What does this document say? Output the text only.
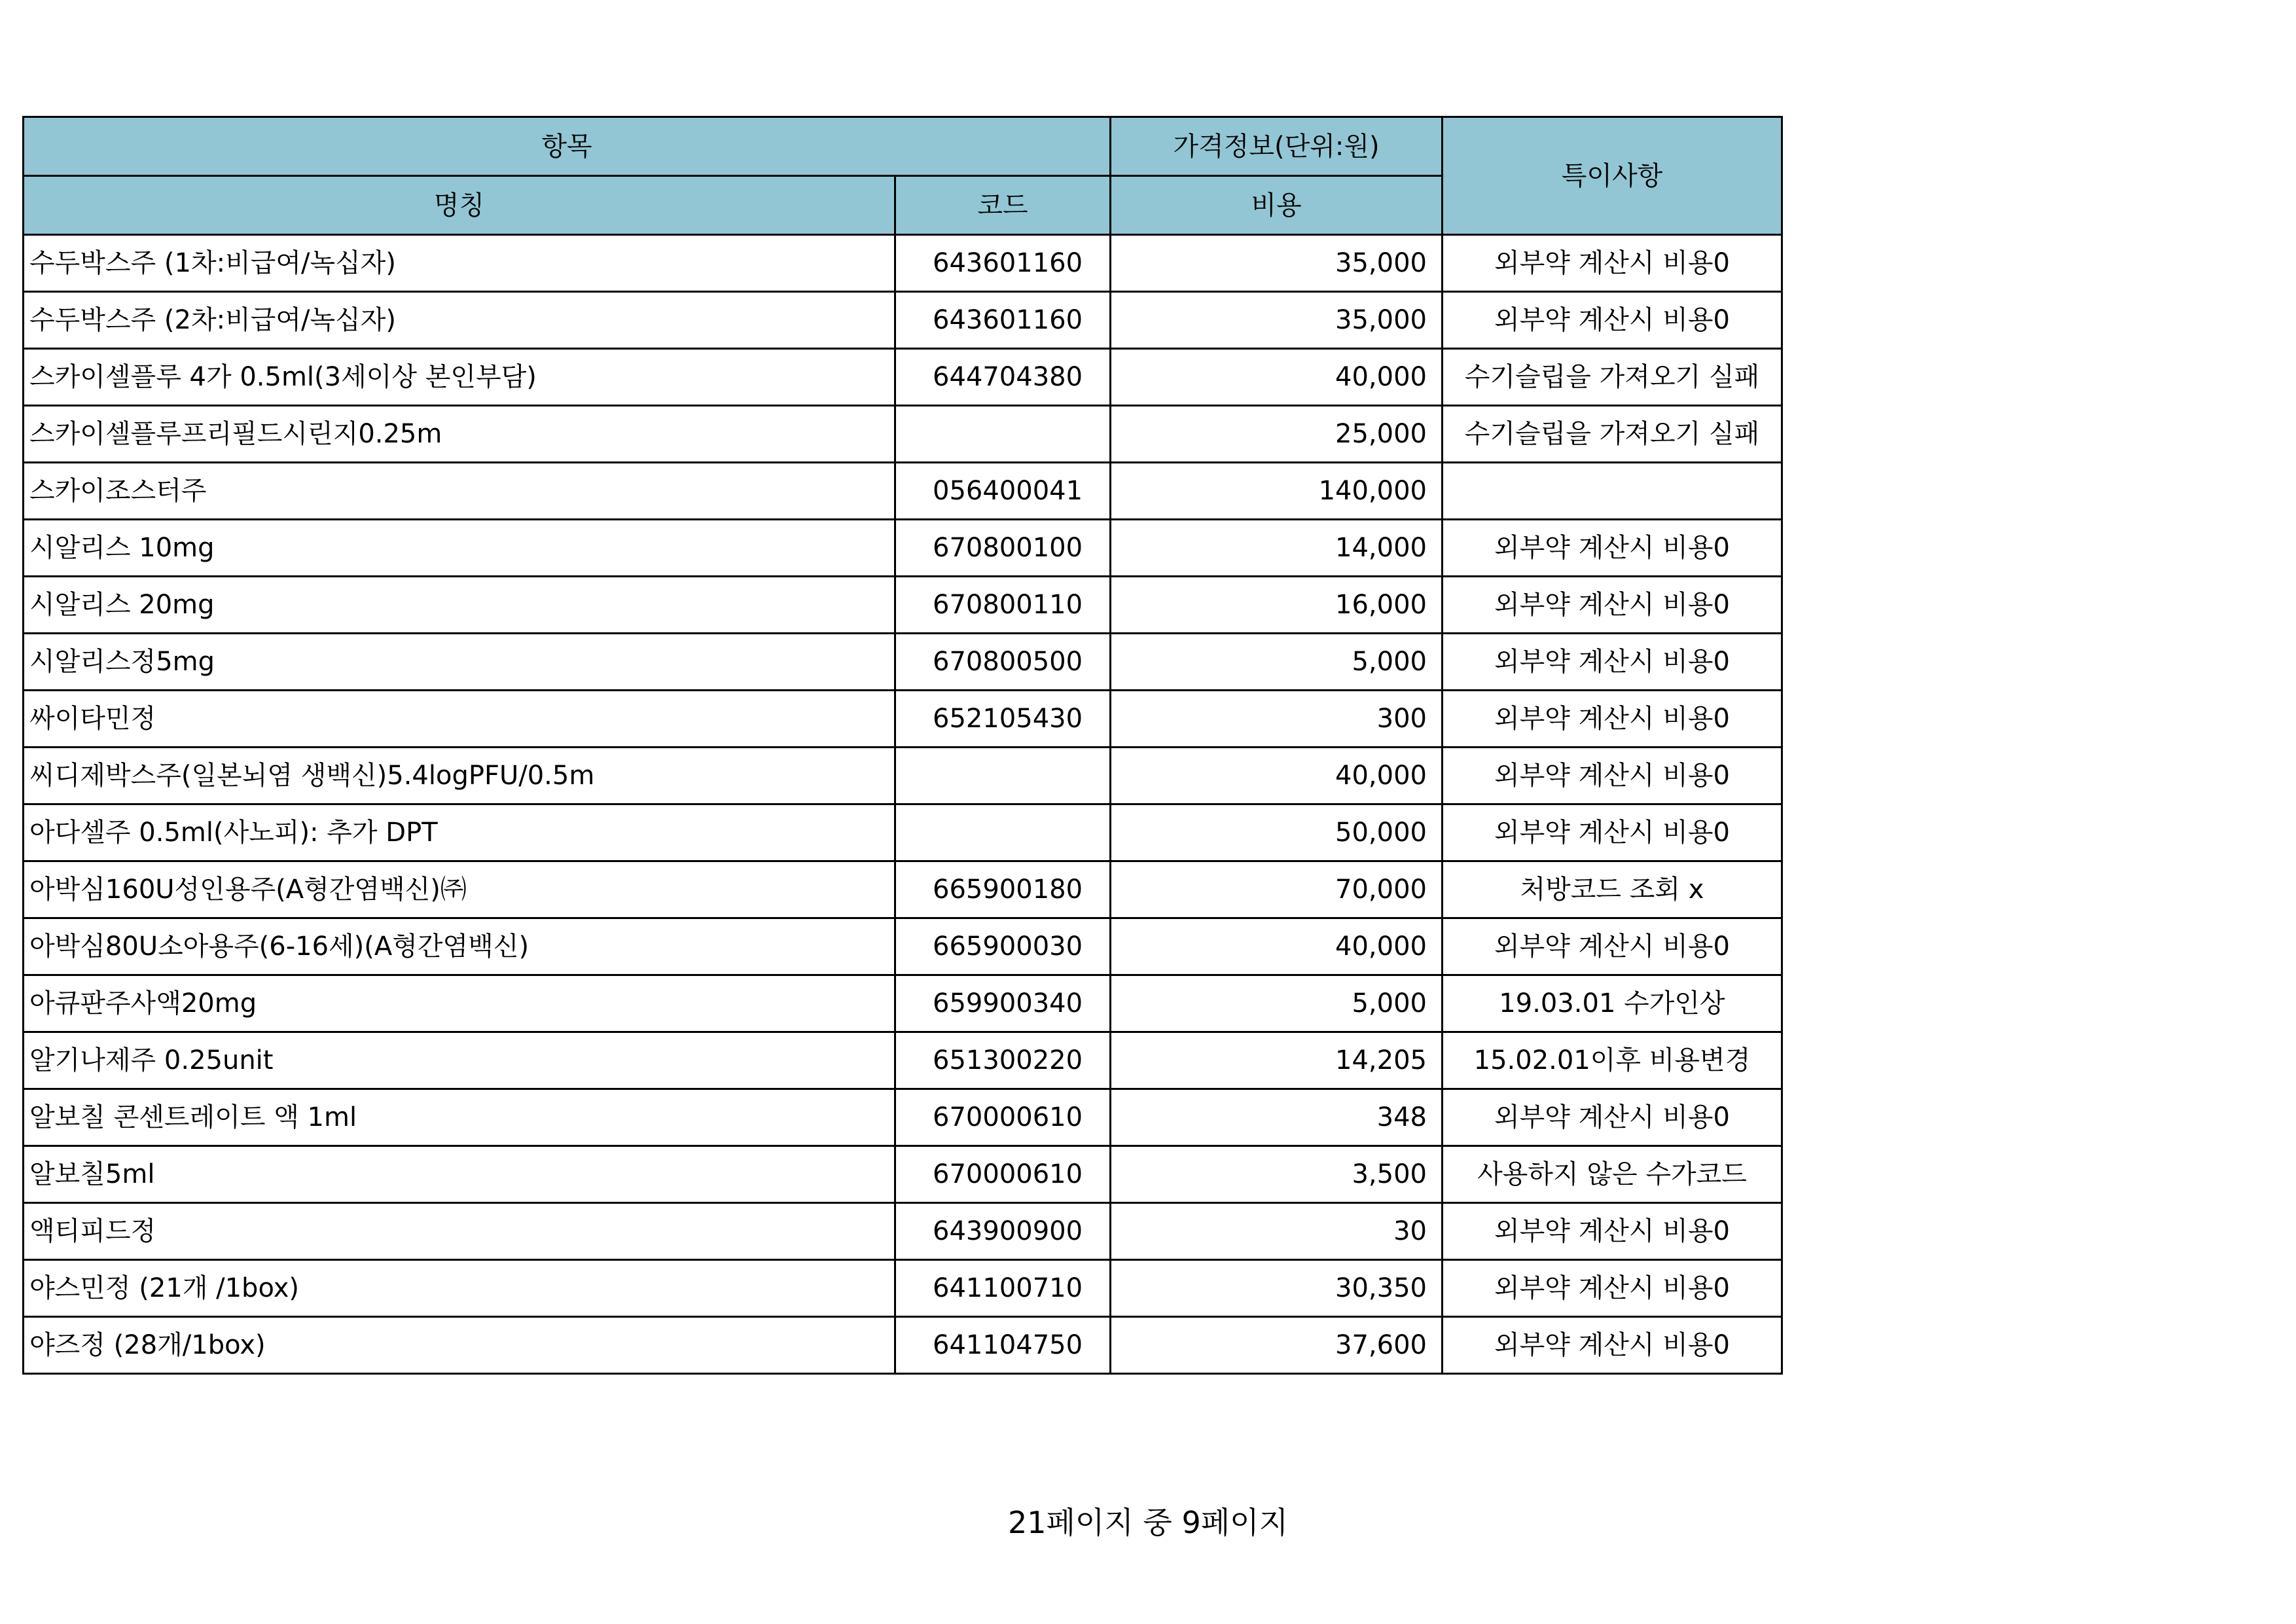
항목		가격정보(단위:원)	특이사항
명칭	코드	비용	
수두박스주 (1차:비급여/녹십자)	643601160	35,000	외부약 계산시 비용0
수두박스주 (2차:비급여/녹십자)	643601160	35,000	외부약 계산시 비용0
스카이셀플루 4가 0.5ml(3세이상 본인부담)	644704380	40,000	수기슬립을 가져오기 실패
스카이셀플루프리필드시린지0.25m		25,000	수기슬립을 가져오기 실패
스카이조스터주	056400041	140,000	
시알리스 10mg	670800100	14,000	외부약 계산시 비용0
시알리스 20mg	670800110	16,000	외부약 계산시 비용0
시알리스정5mg	670800500	5,000	외부약 계산시 비용0
싸이타민정	652105430	300	외부약 계산시 비용0
씨디제박스주(일본뇌염 생백신)5.4logPFU/0.5m		40,000	외부약 계산시 비용0
아다셀주 0.5ml(사노피): 추가 DPT		50,000	외부약 계산시 비용0
아박심160U성인용주(A형간염백신)㈜	665900180	70,000	처방코드 조회 x
아박심80U소아용주(6-16세)(A형간염백신)	665900030	40,000	외부약 계산시 비용0
아큐판주사액20mg	659900340	5,000	19.03.01 수가인상
알기나제주 0.25unit	651300220	14,205	15.02.01이후 비용변경
알보칠 콘센트레이트 액 1ml	670000610	348	외부약 계산시 비용0
알보칠5ml	670000610	3,500	사용하지 않은 수가코드
액티피드정	643900900	30	외부약 계산시 비용0
야스민정 (21개 /1box)	641100710	30,350	외부약 계산시 비용0
야즈정 (28개/1box)	641104750	37,600	외부약 계산시 비용0
21페이지 중 9페이지
